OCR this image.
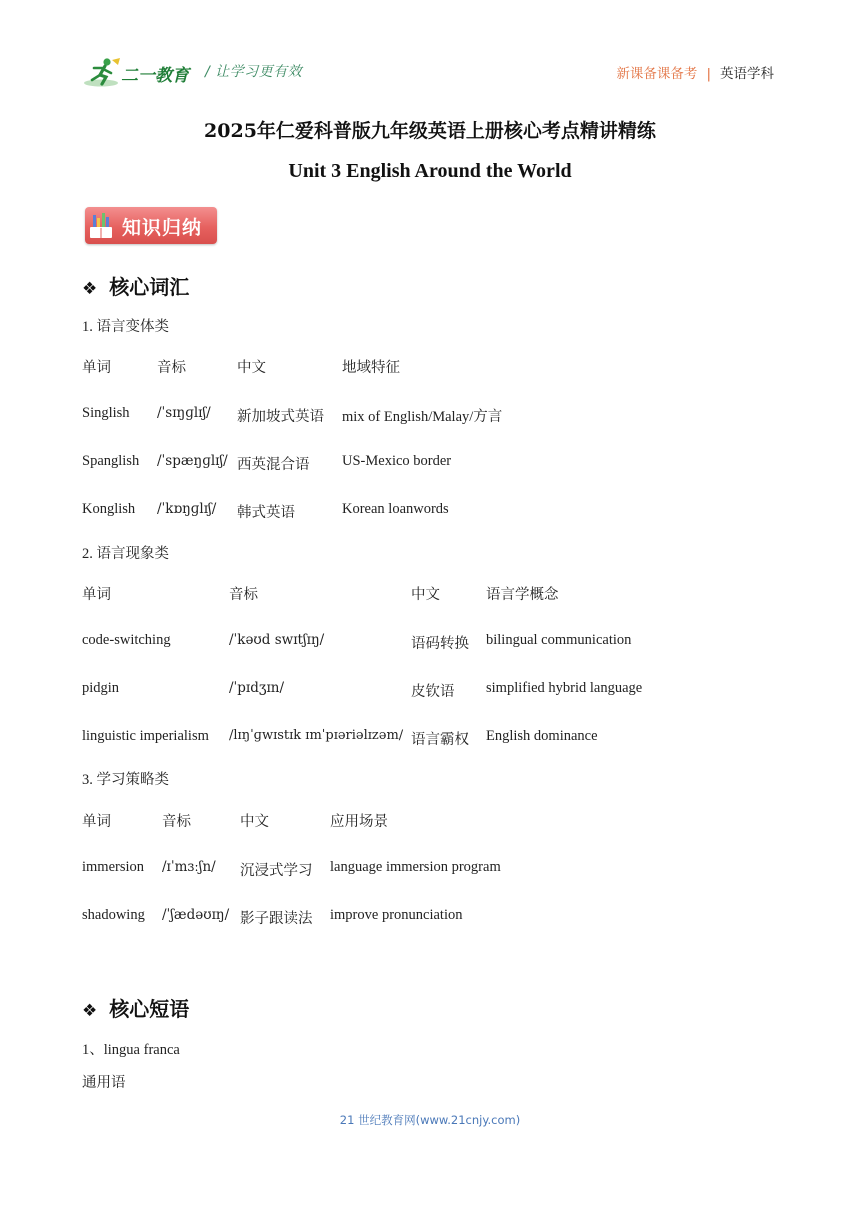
二一教育 / 让学习更有效	新课备课备考 | 英语学科
2025年仁爱科普版九年级英语上册核心考点精讲精练
Unit 3 English Around the World
知识归纳
❖ 核心词汇
1. 语言变体类
单词	音标	中文	地域特征
Singlish /ˈsɪŋɡlɪʃ/ 新加坡式英语 mix of English/Malay/方言
Spanglish /ˈspæŋɡlɪʃ/ 西英混合语 US-Mexico border
Konglish /ˈkɒŋɡlɪʃ/ 韩式英语	Korean loanwords
2. 语言现象类
单词	音标	中文	语言学概念
code-switching	/ˈkəʊd swɪtʃɪŋ/	语码转换 bilingual communication
pidgin	/ˈpɪdʒɪn/	皮钦语 simplified hybrid language
linguistic imperialism /lɪŋˈɡwɪstɪk ɪmˈpɪəriəlɪzəm/ 语言霸权 English dominance
3. 学习策略类
单词	音标	中文	应用场景
immersion /ɪˈmɜːʃn/ 沉浸式学习 language immersion program
shadowing /ˈʃædəʊɪŋ/ 影子跟读法 improve pronunciation
❖ 核心短语
1、lingua franca
通用语
21 世纪教育网(www.21cnjy.com)
